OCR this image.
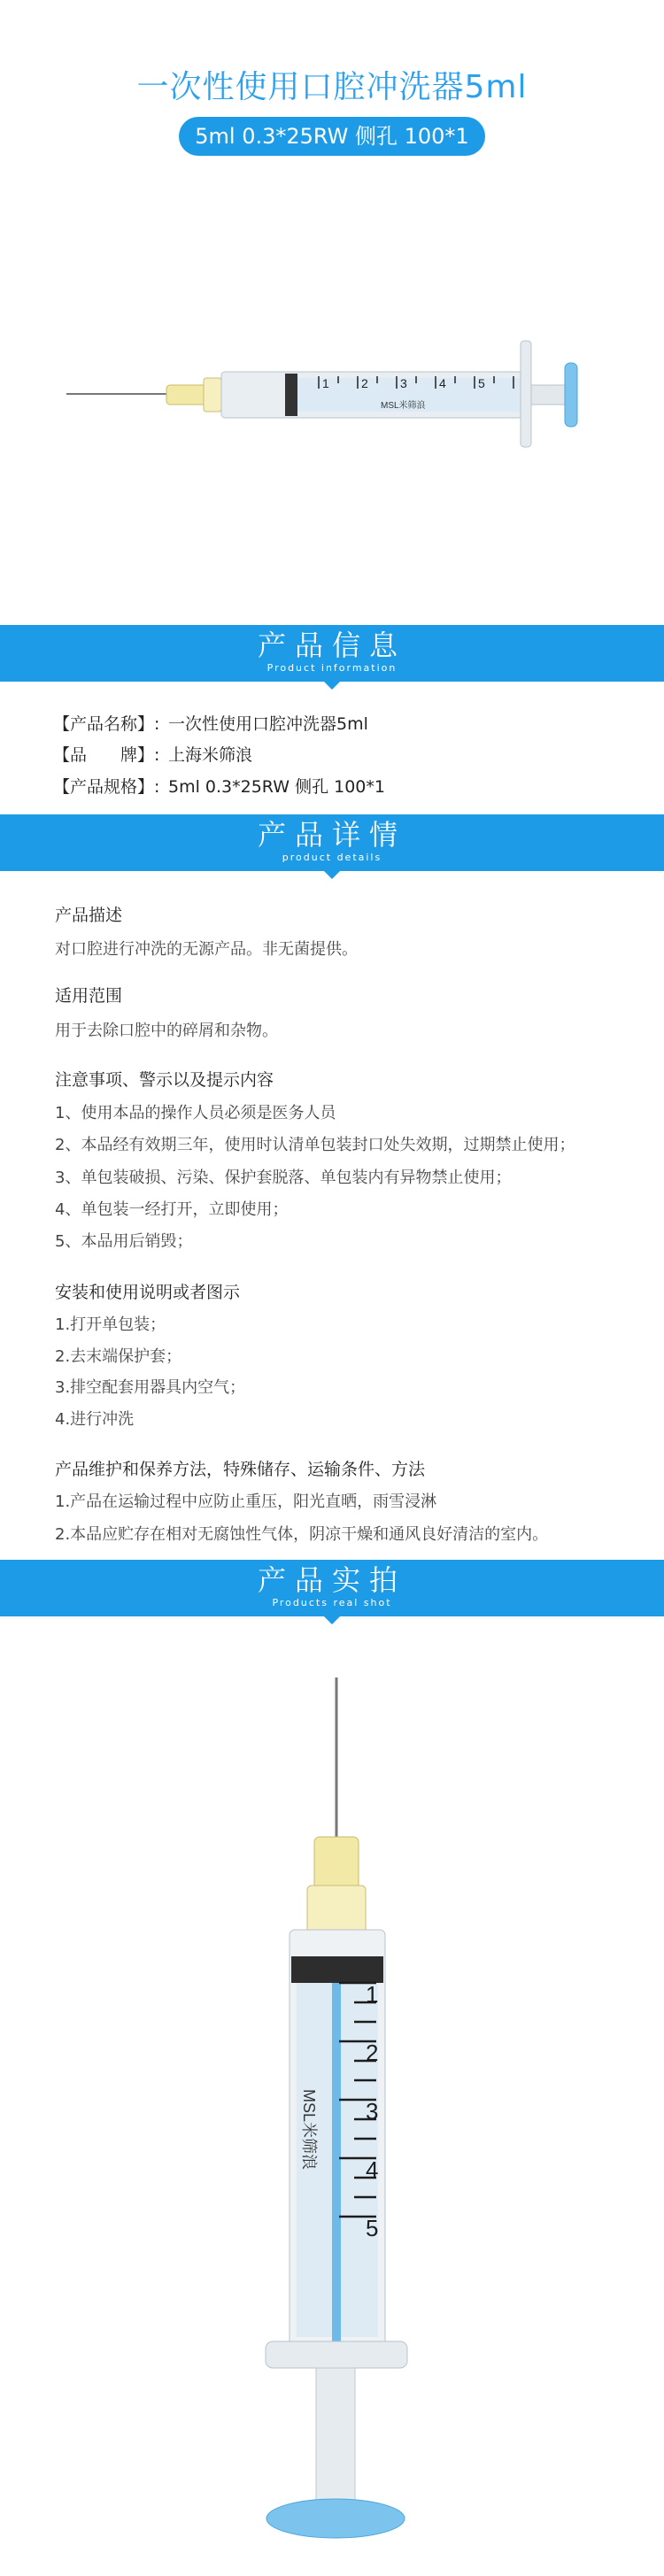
一次性使用口腔冲洗器5ml
5ml 0.3*25RW 侧孔 100*1
1	2	3	4	5
MSL米筛浪
产品信息
Product information
【产品名称】: 一次性使用口腔冲洗器5ml
【品　　牌】: 上海米筛浪
【产品规格】: 5ml 0.3*25RW 侧孔 100*1
产品详情
product details
产品描述
对口腔进行冲洗的无源产品。非无菌提供。
适用范围
用于去除口腔中的碎屑和杂物。
注意事项、警示以及提示内容
1、使用本品的操作人员必须是医务人员
2、本品经有效期三年，使用时认清单包装封口处失效期，过期禁止使用；
3、单包装破损、污染、保护套脱落、单包装内有异物禁止使用；
4、单包装一经打开，立即使用；
5、本品用后销毁；
安装和使用说明或者图示
1.打开单包装；
2.去末端保护套；
3.排空配套用器具内空气；
4.进行冲洗
产品维护和保养方法，特殊储存、运输条件、方法
1.产品在运输过程中应防止重压，阳光直晒，雨雪浸淋
2.本品应贮存在相对无腐蚀性气体，阴凉干燥和通风良好清洁的室内。
产品实拍
Products real shot
1
2
3
4
5
MSL米筛浪
